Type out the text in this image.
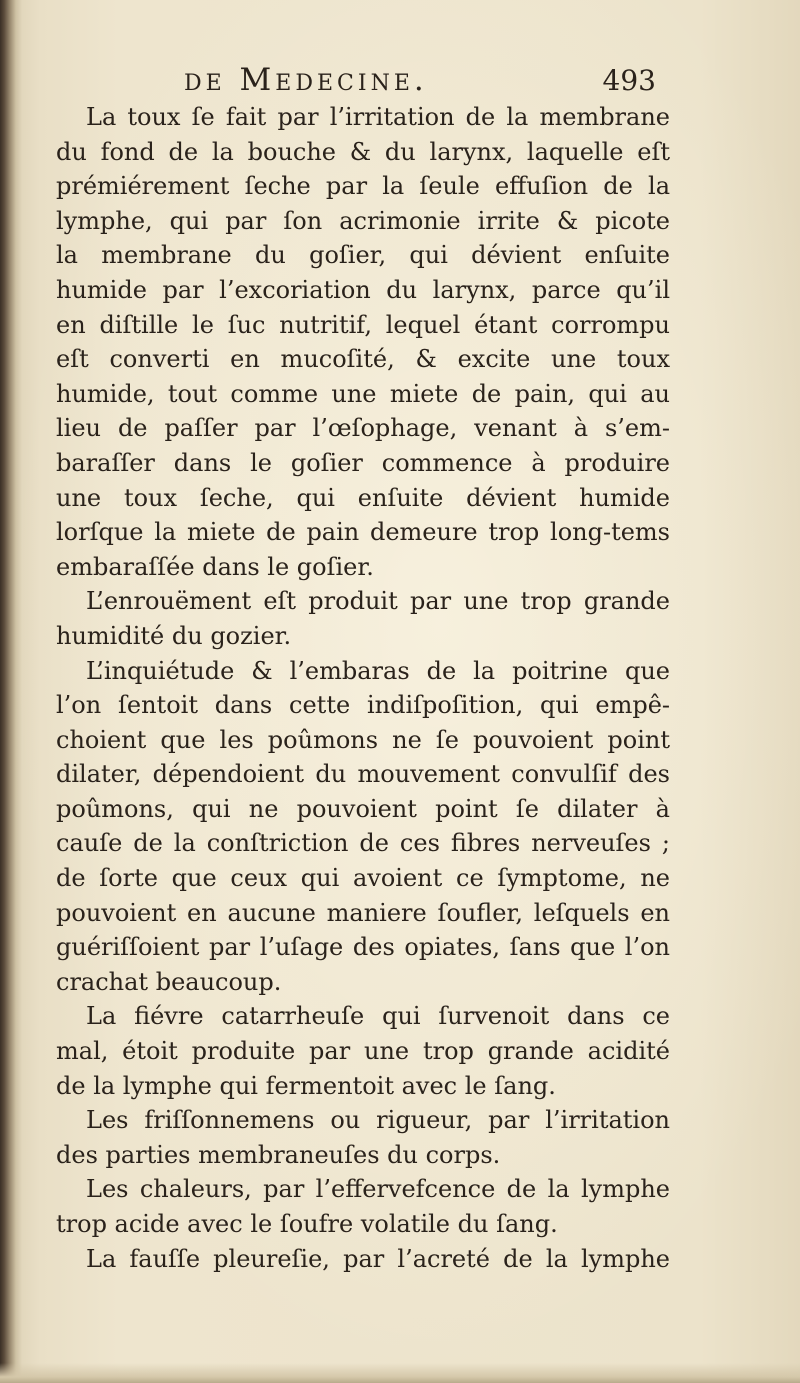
de Medecine.	493
La toux ſe fait par l’irritation de la membrane
du fond de la bouche & du larynx, laquelle eſt
prémiérement ſeche par la ſeule effuſion de la
lymphe, qui par ſon acrimonie irrite & picote
la membrane du goſier, qui dévient enſuite
humide par l’excoriation du larynx, parce qu’il
en diſtille le ſuc nutritif, lequel étant corrompu
eſt converti en mucoſité, & excite une toux
humide, tout comme une miete de pain, qui au
lieu de paſſer par l’œſophage, venant à s’em-
baraſſer dans le goſier commence à produire
une toux ſeche, qui enſuite dévient humide
lorſque la miete de pain demeure trop long-tems
embaraſſée dans le goſier.
L’enrouëment eſt produit par une trop grande
humidité du gozier.
L’inquiétude & l’embaras de la poitrine que
l’on ſentoit dans cette indiſpoſition, qui empê-
choient que les poûmons ne ſe pouvoient point
dilater, dépendoient du mouvement convulſif des
poûmons, qui ne pouvoient point ſe dilater à
cauſe de la conſtriction de ces fibres nerveuſes ;
de ſorte que ceux qui avoient ce ſymptome, ne
pouvoient en aucune maniere ſoufler, leſquels en
guériſſoient par l’uſage des opiates, ſans que l’on
crachat beaucoup.
La fiévre catarrheuſe qui ſurvenoit dans ce
mal, étoit produite par une trop grande acidité
de la lymphe qui fermentoit avec le ſang.
Les friſſonnemens ou rigueur, par l’irritation
des parties membraneuſes du corps.
Les chaleurs, par l’effervefcence de la lymphe
trop acide avec le ſoufre volatile du ſang.
La fauſſe pleureſie, par l’acreté de la lymphe
